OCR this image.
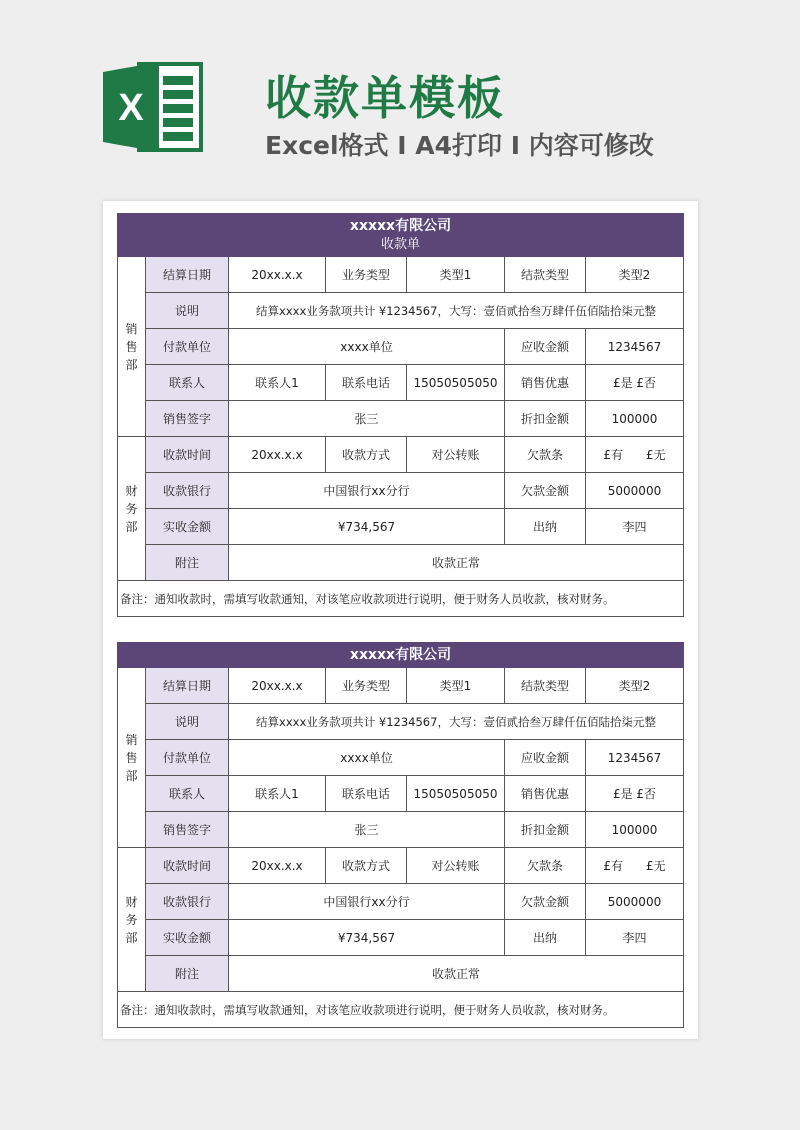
X	收款单模板
Excel格式 I A4打印 I 内容可修改
xxxxx有限公司
收款单						

销售部	结算日期	20xx.x.x	业务类型	类型1	结款类型	类型2
	说明	结算xxxx业务款项共计 ¥1234567，大写：壹佰贰拾叁万肆仟伍佰陆拾柒元整				
	付款单位	xxxx单位			应收金额	1234567
	联系人	联系人1	联系电话	15050505050	销售优惠	£是 £否
	销售签字	张三			折扣金额	100000

财务部	收款时间	20xx.x.x	收款方式	对公转账	欠款条	£有      £无
	收款银行	中国银行xx分行			欠款金额	5000000
	实收金额	¥734,567			出纳	李四
	附注	收款正常				
备注：通知收款时，需填写收款通知，对该笔应收款项进行说明，便于财务人员收款，核对财务。						
xxxxx有限公司						

销售部	结算日期	20xx.x.x	业务类型	类型1	结款类型	类型2
	说明	结算xxxx业务款项共计 ¥1234567，大写：壹佰贰拾叁万肆仟伍佰陆拾柒元整				
	付款单位	xxxx单位			应收金额	1234567
	联系人	联系人1	联系电话	15050505050	销售优惠	£是 £否
	销售签字	张三			折扣金额	100000

财务部	收款时间	20xx.x.x	收款方式	对公转账	欠款条	£有      £无
	收款银行	中国银行xx分行			欠款金额	5000000
	实收金额	¥734,567			出纳	李四
	附注	收款正常				
备注：通知收款时，需填写收款通知，对该笔应收款项进行说明，便于财务人员收款，核对财务。						
